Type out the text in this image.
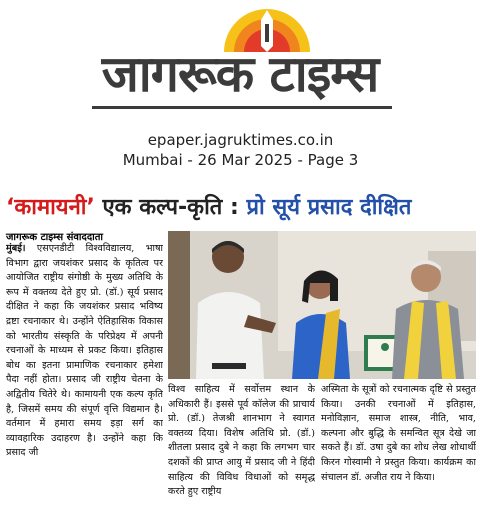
जागरूक टाइम्स
epaper.jagruktimes.co.in
Mumbai - 26 Mar 2025 - Page 3
‘कामायनी’ एक कल्प-कृति : प्रो सूर्य प्रसाद दीक्षित
जागरूक टाइम्स संवाददाता
मुंबई। एसएनडीटी विश्वविद्यालय, भाषा विभाग द्वारा जयशंकर प्रसाद के कृतित्व पर आयोजित राष्ट्रीय संगोष्ठी के मुख्य अतिथि के रूप में वक्तव्य देते हुए प्रो. (डॉ.) सूर्य प्रसाद दीक्षित ने कहा कि जयशंकर प्रसाद भविष्य द्रष्टा रचनाकार थे। उन्होंने ऐतिहासिक विकास को भारतीय संस्कृति के परिप्रेक्ष्य में अपनी रचनाओं के माध्यम से प्रकट किया। इतिहास बोध का इतना प्रामाणिक रचनाकार हमेशा पैदा नहीं होता। प्रसाद जी राष्ट्रीय चेतना के अद्वितीय चितेरे थे। कामायनी एक कल्प कृति है, जिसमें समय की संपूर्ण वृत्ति विद्यमान है। वर्तमान में हमारा समय इड़ा सर्ग का व्यावहारिक उदाहरण है। उन्होंने कहा कि प्रसाद जी
विश्व साहित्य में सर्वोत्तम स्थान के अधिकारी हैं। इससे पूर्व कॉलेज की प्राचार्य प्रो. (डॉ.) तेजश्री शानभाग ने स्वागत वक्तव्य दिया। विशेष अतिथि प्रो. (डॉ.) शीतला प्रसाद दुबे ने कहा कि लगभग चार दशकों की प्राप्त आयु में प्रसाद जी ने हिंदी साहित्य की विविध विधाओं को समृद्ध करते हुए राष्ट्रीय
अस्मिता के सूत्रों को रचनात्मक दृष्टि से प्रस्तुत किया। उनकी रचनाओं में इतिहास, मनोविज्ञान, समाज शास्त्र, नीति, भाव, कल्पना और बुद्धि के समन्वित सूत्र देखे जा सकते हैं। डॉ. उषा दुबे का शोध लेख शोधार्थी किरन गोस्वामी ने प्रस्तुत किया। कार्यक्रम का संचालन डॉ. अजीत राय ने किया।
